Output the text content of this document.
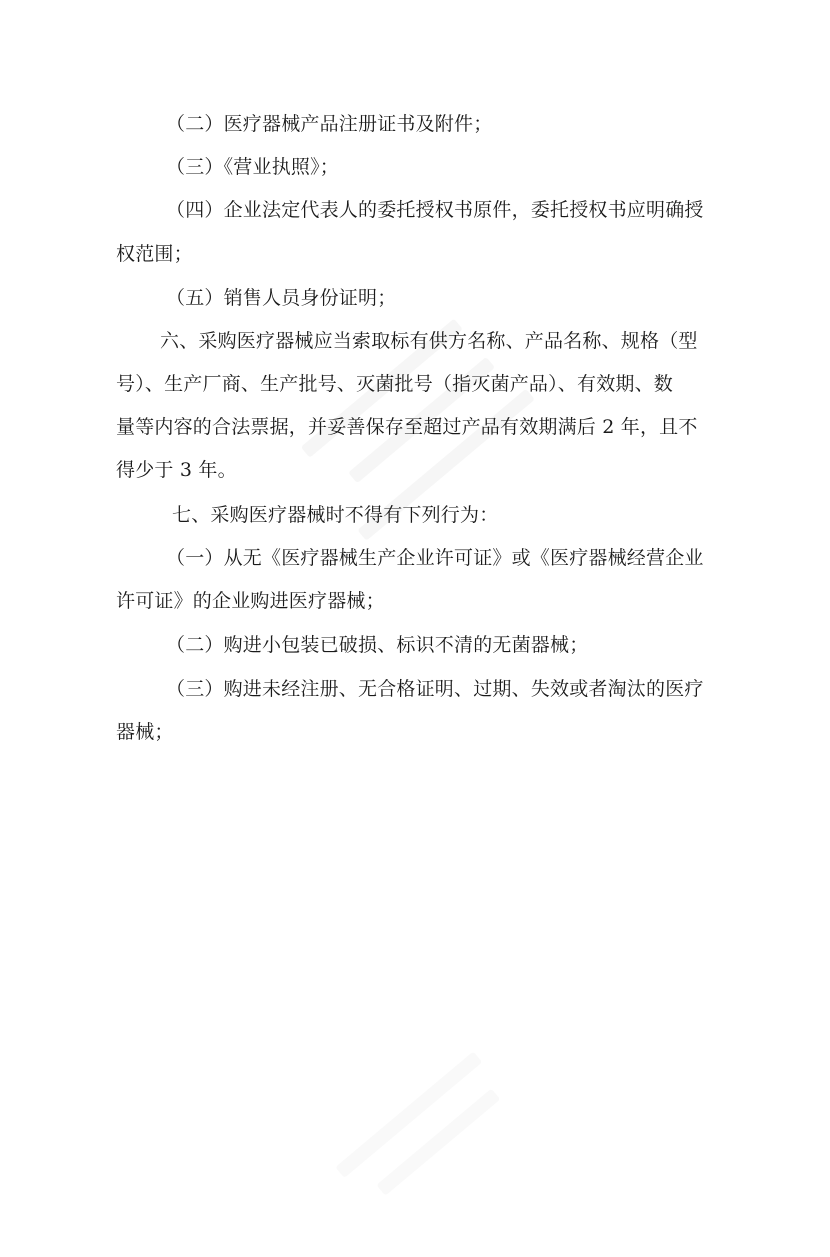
（二）医疗器械产品注册证书及附件；
（三）《营业执照》；
（四）企业法定代表人的委托授权书原件，委托授权书应明确授
权范围；
（五）销售人员身份证明；
六、采购医疗器械应当索取标有供方名称、产品名称、规格（型
号）、生产厂商、生产批号、灭菌批号（指灭菌产品）、有效期、数
量等内容的合法票据，并妥善保存至超过产品有效期满后 2 年，且不
得少于 3 年。
七、采购医疗器械时不得有下列行为：
（一）从无《医疗器械生产企业许可证》或《医疗器械经营企业
许可证》的企业购进医疗器械；
（二）购进小包装已破损、标识不清的无菌器械；
（三）购进未经注册、无合格证明、过期、失效或者淘汰的医疗
器械；
